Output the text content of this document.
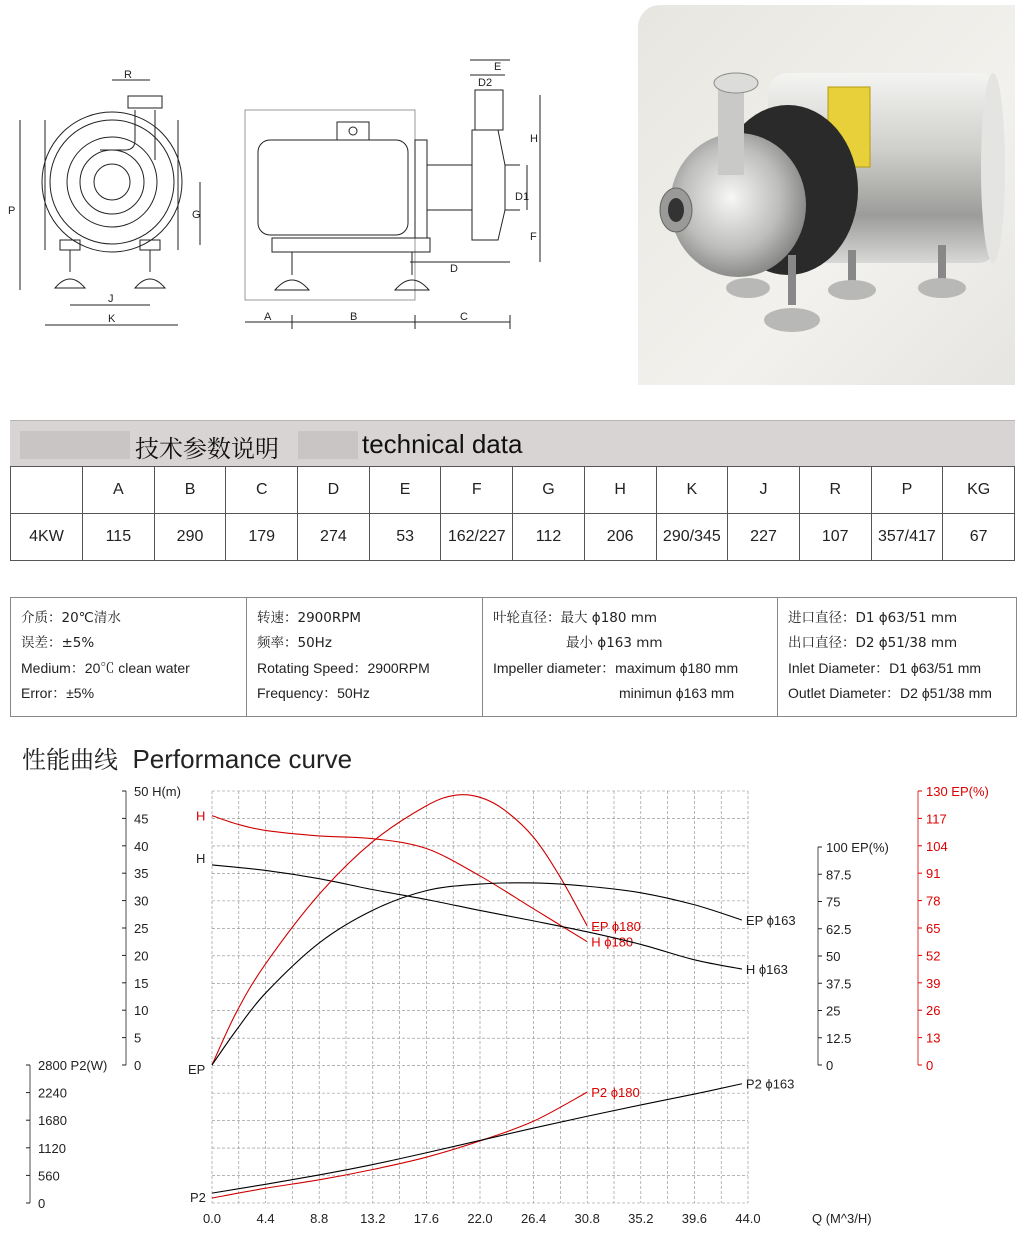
R
P	G
J
K
E
D2
H
D1
F
D
A	B	C
技术参数说明	technical data
	A	B	C	D	E	F	G	H	K	J	R	P	KG
4KW	115	290	179	274	53	162/227	112	206	290/345	227	107	357/417	67
介质：20℃清水
误差：±5%
Medium：20℃ clean water
Error：±5%
转速：2900RPM
频率：50Hz
Rotating Speed：2900RPM
Frequency：50Hz
叶轮直径：最大 ϕ180 mm
最小 ϕ163 mm
Impeller diameter：maximum ϕ180 mm
minimun ϕ163 mm
进口直径：D1 ϕ63/51 mm
出口直径：D2 ϕ51/38 mm
Inlet Diameter：D1 ϕ63/51 mm
Outlet Diameter：D2 ϕ51/38 mm
性能曲线 Performance curve
0.0	4.4	8.8 13.2 17.6 22.0 26.4 30.8 35.2 39.6 44.0	Q (M^3/H)
50 H(m)
45
40
35
30
25
20
15
10
5
0
2800 P2(W)
2240
1680
1120
560
0
100 EP(%)
87.5
75
62.5
50
37.5
25
12.5
0
130 EP(%)
117
104
91
78
65
52
39
26
13
0
H
H
EP
P2
H ϕ180
H ϕ163
EP ϕ180	EP ϕ163
P2 ϕ180
P2 ϕ163
